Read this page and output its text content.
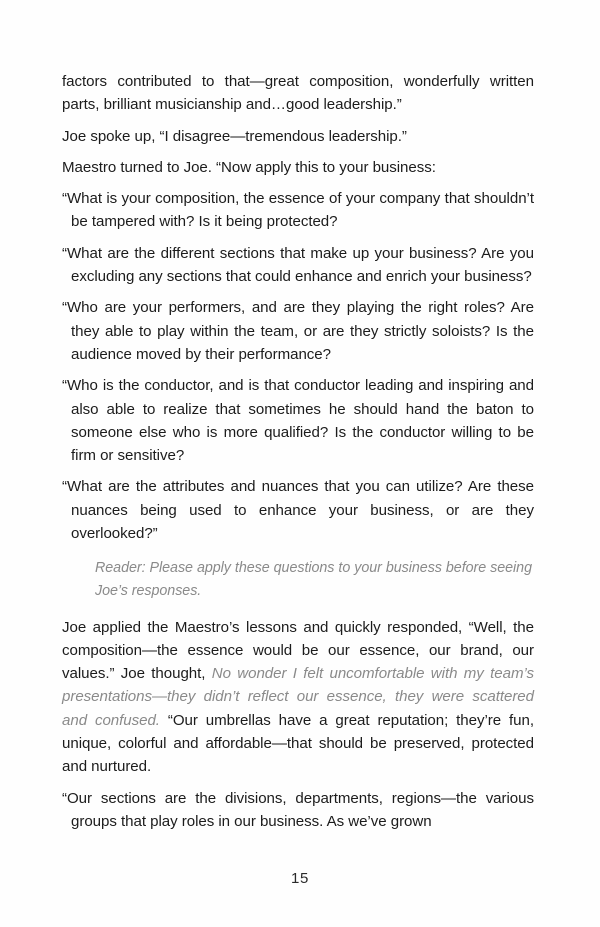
factors contributed to that—great composition, wonderfully written parts, brilliant musicianship and…good leadership.”

Joe spoke up, “I disagree—tremendous leadership.”

Maestro turned to Joe. “Now apply this to your business:

“What is your composition, the essence of your company that shouldn’t be tampered with? Is it being protected?

“What are the different sections that make up your business? Are you excluding any sections that could enhance and enrich your business?

“Who are your performers, and are they playing the right roles? Are they able to play within the team, or are they strictly soloists? Is the audience moved by their performance?

“Who is the conductor, and is that conductor leading and inspiring and also able to realize that sometimes he should hand the baton to someone else who is more qualified? Is the conductor willing to be firm or sensitive?

“What are the attributes and nuances that you can utilize? Are these nuances being used to enhance your business, or are they overlooked?”

Reader: Please apply these questions to your business before seeing Joe’s responses.

Joe applied the Maestro’s lessons and quickly responded, “Well, the composition—the essence would be our essence, our brand, our values.” Joe thought, No wonder I felt uncomfortable with my team’s presentations—they didn’t reflect our essence, they were scattered and confused. “Our umbrellas have a great reputation; they’re fun, unique, colorful and affordable—that should be preserved, protected and nurtured.

“Our sections are the divisions, departments, regions—the various groups that play roles in our business. As we’ve grown

15
